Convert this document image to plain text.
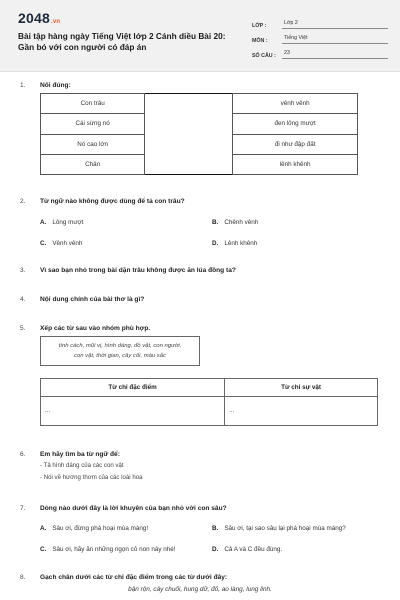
2048.vn
Bài tập hàng ngày Tiếng Việt lớp 2 Cánh diều Bài 20: Gần bó với con người có đáp án
LỚP :	Lớp 2
MÔN :	Tiếng Việt
SỐ CÂU :	23
1. Nối đúng:
Con trâu		vênh vênh
Cái sừng nó		đen lông mượt
Nó cao lớn		đi như đập đất
Chân		lênh khênh
2. Từ ngữ nào không được dùng để tả con trâu?
A. Lông mượt	B. Chênh vênh
C. Vênh vênh	D. Lênh khênh
3. Vì sao bạn nhỏ trong bài dặn trâu không được ăn lúa đồng ta?
4. Nội dung chính của bài thơ là gì?
5. Xếp các từ sau vào nhóm phù hợp.
tính cách, mũi vị, hình dáng, đồ vật, con người,
con vật, thời gian, cây cối, màu sắc
Từ chỉ đặc điểm	Từ chỉ sự vật
...	...
6. Em hãy tìm ba từ ngữ để:
- Tả hình dáng của các con vật
- Nói về hương thơm của các loài hoa
7. Dòng nào dưới đây là lời khuyên của bạn nhỏ với con sâu?
A. Sâu ơi, đừng phá hoại mùa màng!	B. Sâu ơi, tại sao sâu lại phá hoại mùa màng?
C. Sâu ơi, hãy ăn những ngọn cỏ non này nhé!	D. Cả A và C đều đúng.
8. Gạch chân dưới các từ chỉ đặc điểm trong các từ dưới đây:
bận rộn, cây chuối, hung dữ, đỏ, ao làng, lung linh.
